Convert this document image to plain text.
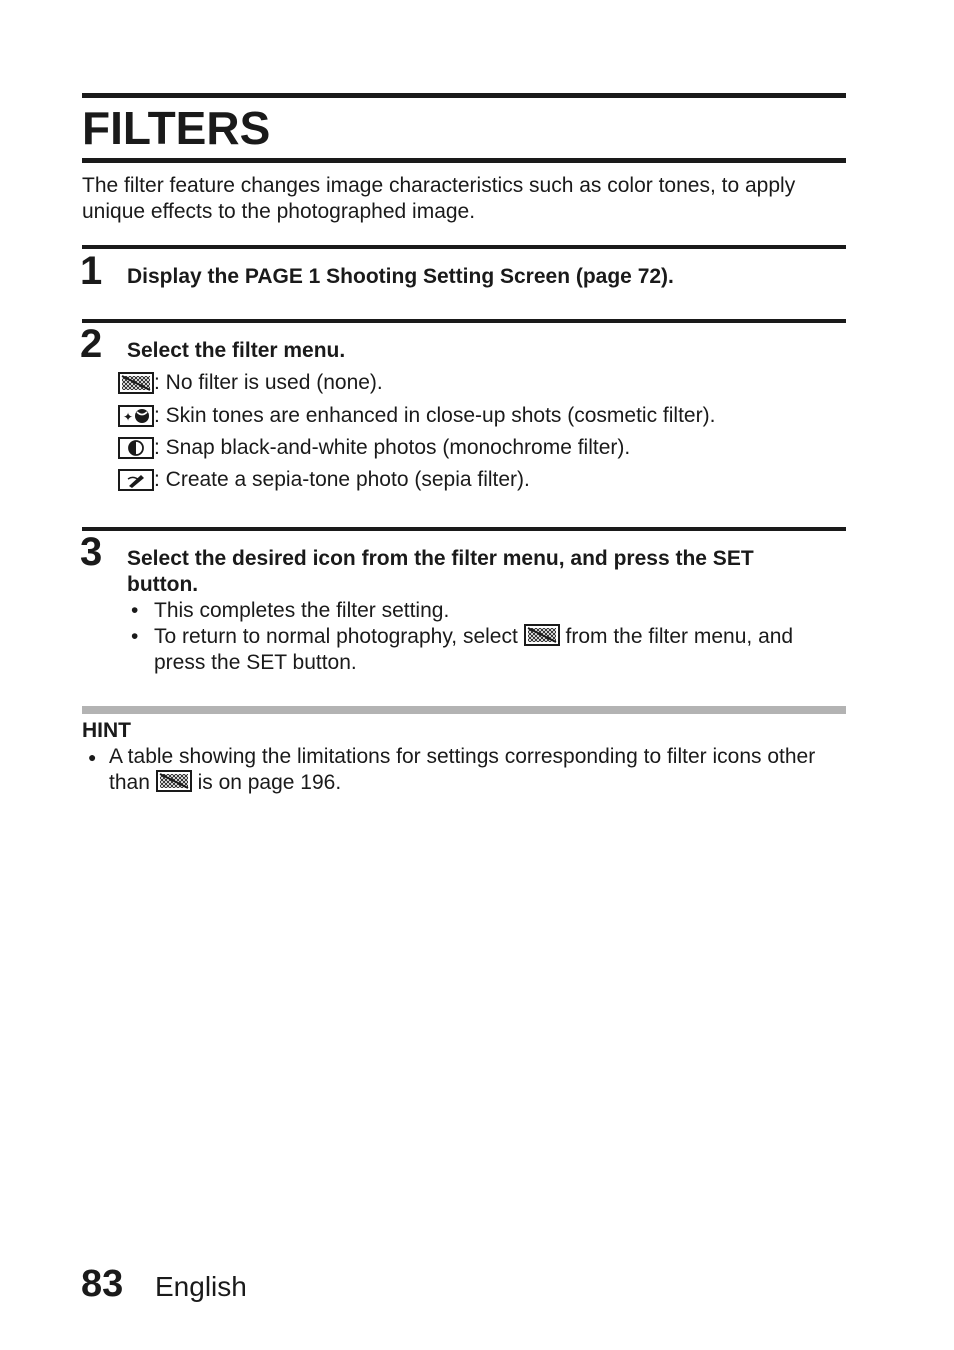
FILTERS
The filter feature changes image characteristics such as color tones, to apply unique effects to the photographed image.
1 Display the PAGE 1 Shooting Setting Screen (page 72).
2 Select the filter menu.
: No filter is used (none).
✦ : Skin tones are enhanced in close-up shots (cosmetic filter).
: Snap black-and-white photos (monochrome filter).
: Create a sepia-tone photo (sepia filter).
3 Select the desired icon from the filter menu, and press the SET button.
• This completes the filter setting.
• To return to normal photography, select from the filter menu, and press the SET button.
HINT
● A table showing the limitations for settings corresponding to filter icons other than is on page 196.
83 English
